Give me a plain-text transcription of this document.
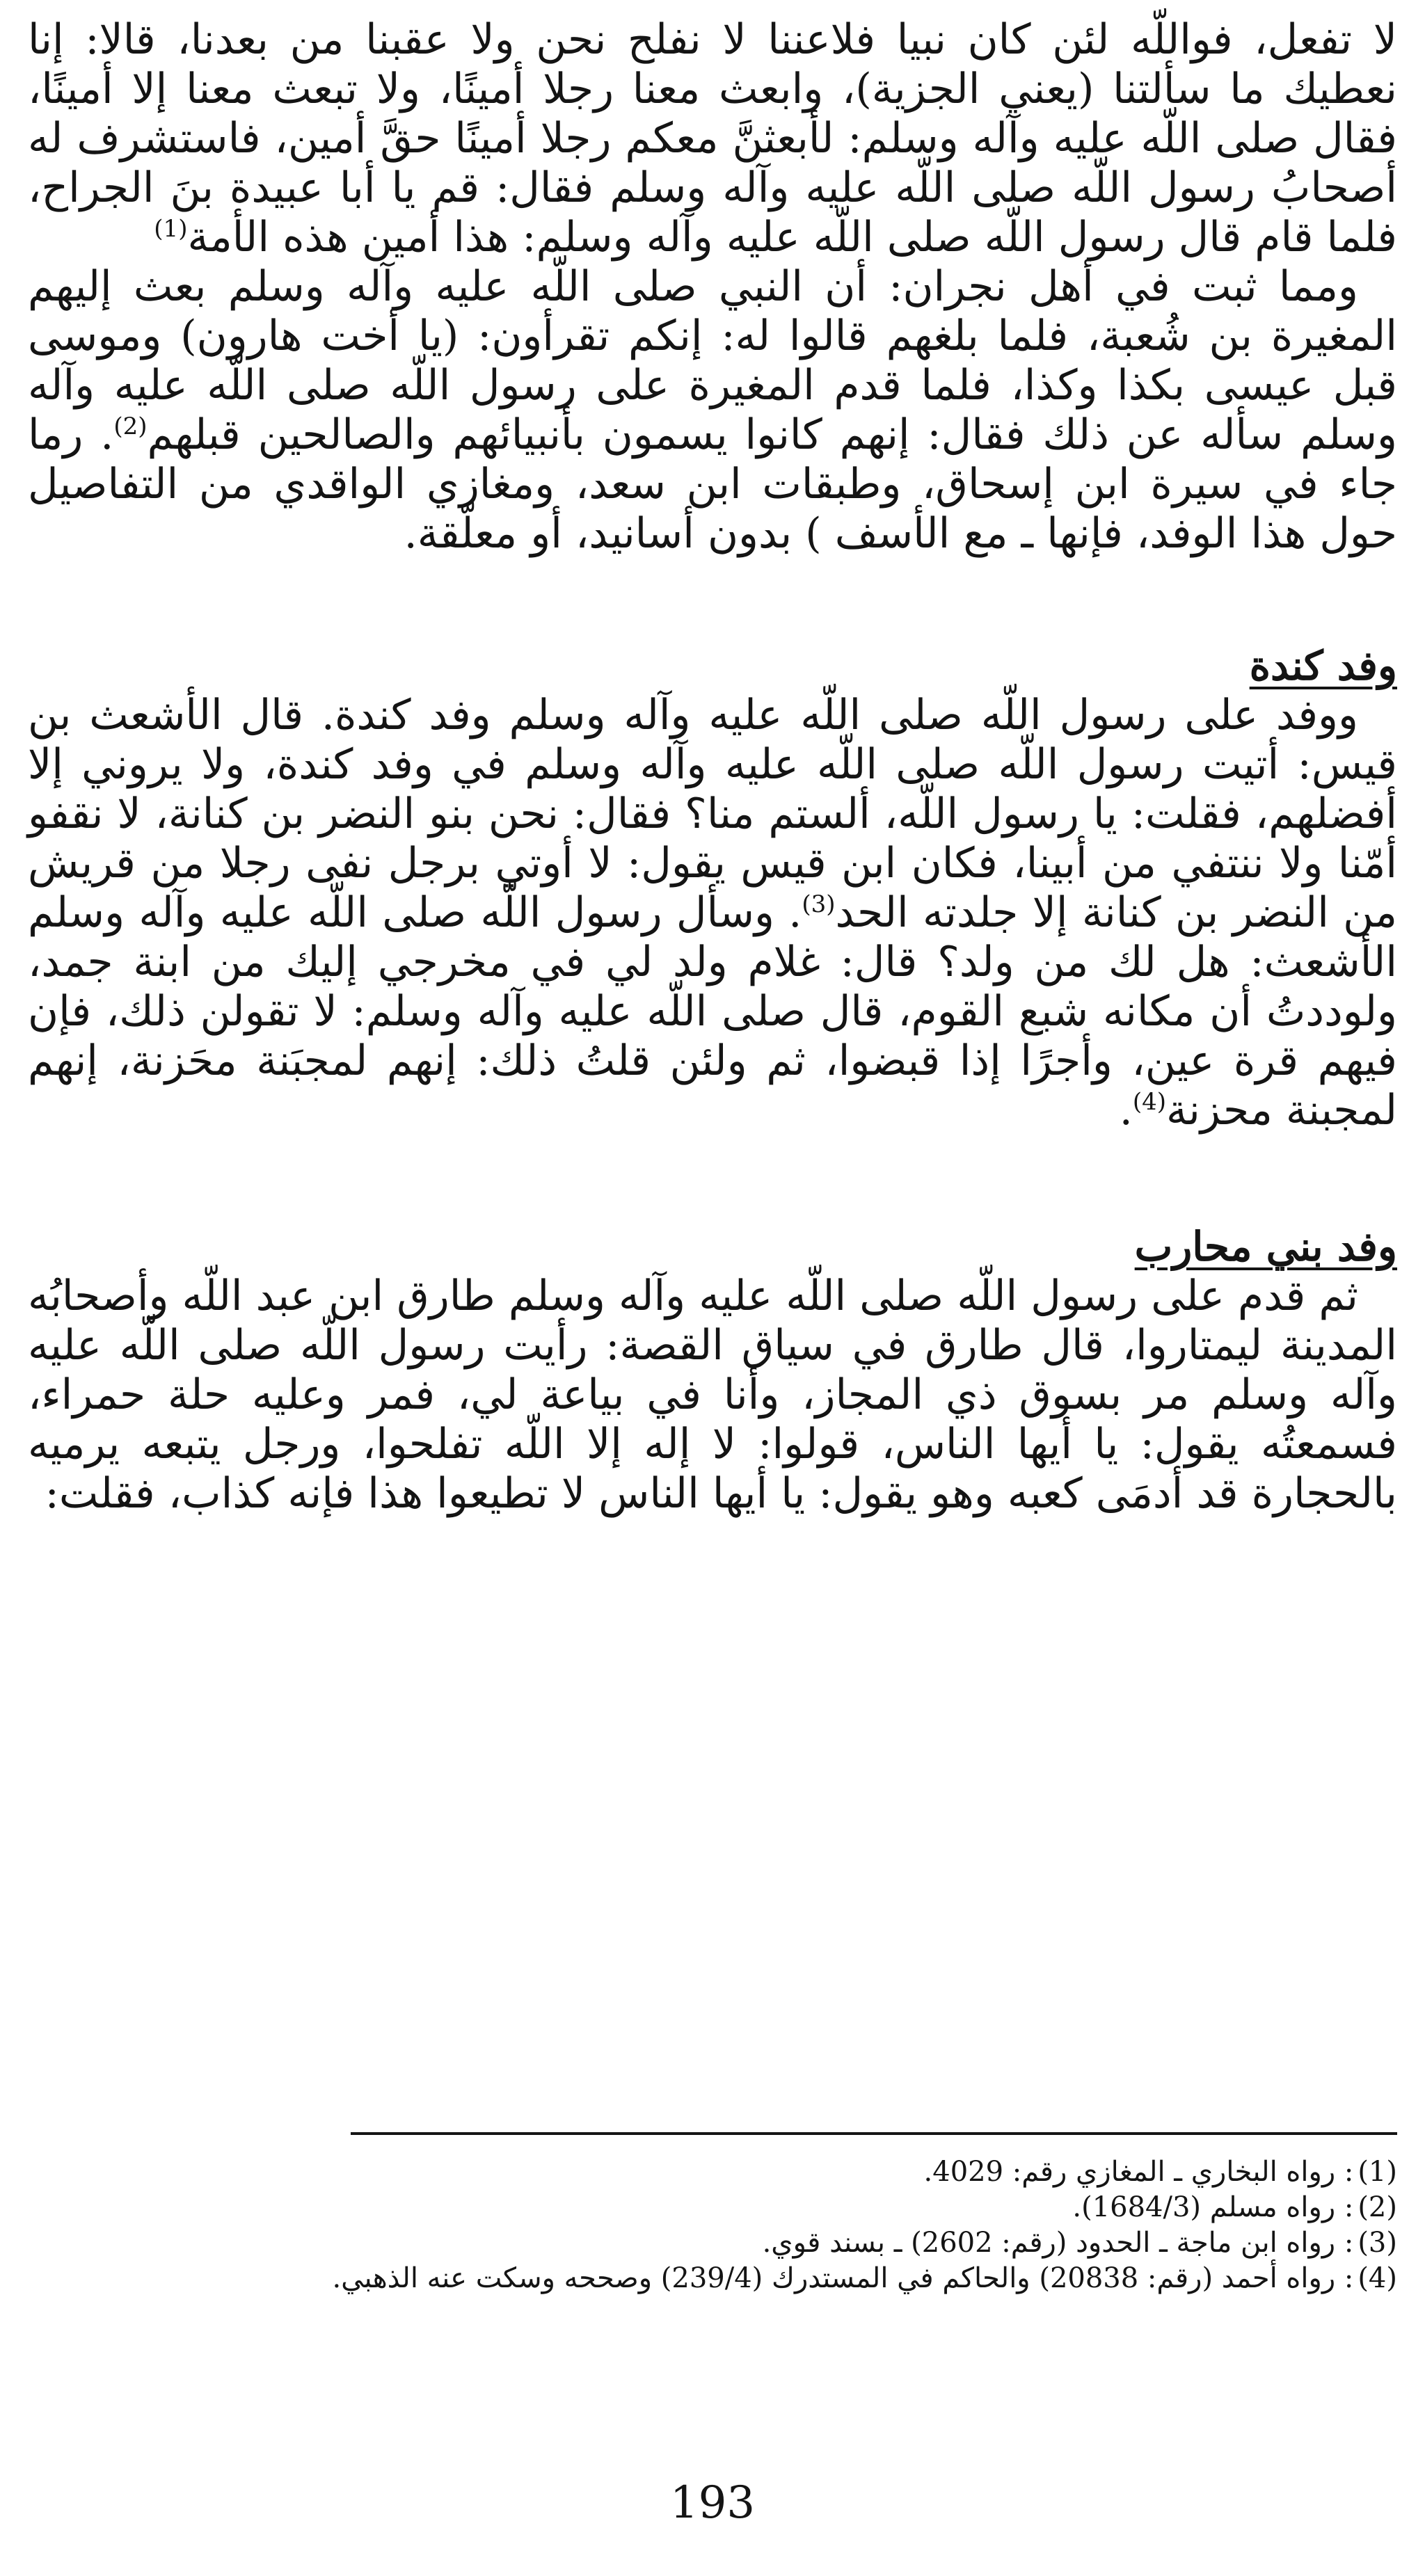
لا تفعل، فواللّه لئن كان نبيا فلاعننا لا نفلح نحن ولا عقبنا من بعدنا، قالا: إنا نعطيك ما سألتنا (يعني الجزية)، وابعث معنا رجلا أمينًا، ولا تبعث معنا إلا أمينًا، فقال صلى اللّه عليه وآله وسلم: لأبعثنَّ معكم رجلا أمينًا حقَّ أمين، فاستشرف له أصحابُ رسول اللّه صلى اللّه عليه وآله وسلم فقال: قم يا أبا عبيدة بنَ الجراح، فلما قام قال رسول اللّه صلى اللّه عليه وآله وسلم: هذا أمين هذه الأمة$^{(1)}$

ومما ثبت في أهل نجران: أن النبي صلى اللّه عليه وآله وسلم بعث إليهم المغيرة بن شُعبة، فلما بلغهم قالوا له: إنكم تقرأون: (يا أخت هارون) وموسى قبل عيسى بكذا وكذا، فلما قدم المغيرة على رسول اللّه صلى اللّه عليه وآله وسلم سأله عن ذلك فقال: إنهم كانوا يسمون بأنبيائهم والصالحين قبلهم$^{(2)}$. رما جاء في سيرة ابن إسحاق، وطبقات ابن سعد، ومغازي الواقدي من التفاصيل حول هذا الوفد، فإنها ـ مع الأسف ) بدون أسانيد، أو معلّقة.

وفد كندة

ووفد على رسول اللّه صلى اللّه عليه وآله وسلم وفد كندة. قال الأشعث بن قيس: أتيت رسول اللّه صلى اللّه عليه وآله وسلم في وفد كندة، ولا يروني إلا أفضلهم، فقلت: يا رسول اللّه، ألستم منا؟ فقال: نحن بنو النضر بن كنانة، لا نقفو أمّنا ولا ننتفي من أبينا، فكان ابن قيس يقول: لا أوتي برجل نفى رجلا من قريش من النضر بن كنانة إلا جلدته الحد$^{(3)}$. وسأل رسول اللّه صلى اللّه عليه وآله وسلم الأشعث: هل لك من ولد؟ قال: غلام ولد لي في مخرجي إليك من ابنة جمد، ولوددتُ أن مكانه شبع القوم، قال صلى اللّه عليه وآله وسلم: لا تقولن ذلك، فإن فيهم قرة عين، وأجرًا إذا قبضوا، ثم ولئن قلتُ ذلك: إنهم لمجبَنة محَزنة، إنهم لمجبنة محزنة$^{(4)}$.

وفد بني محارب

ثم قدم على رسول اللّه صلى اللّه عليه وآله وسلم طارق ابن عبد اللّه وأصحابُه المدينة ليمتاروا، قال طارق في سياق القصة: رأيت رسول اللّه صلى اللّه عليه وآله وسلم مر بسوق ذي المجاز، وأنا في بياعة لي، فمر وعليه حلة حمراء، فسمعتُه يقول: يا أيها الناس، قولوا: لا إله إلا اللّه تفلحوا، ورجل يتبعه يرميه بالحجارة قد أدمَى كعبه وهو يقول: يا أيها الناس لا تطيعوا هذا فإنه كذاب، فقلت:

(1): رواه البخاري ـ المغازي رقم: 4029.
(2): رواه مسلم (1684/3).
(3): رواه ابن ماجة ـ الحدود (رقم: 2602) ـ بسند قوي.
(4): رواه أحمد (رقم: 20838) والحاكم في المستدرك (239/4) وصححه وسكت عنه الذهبي.
193
